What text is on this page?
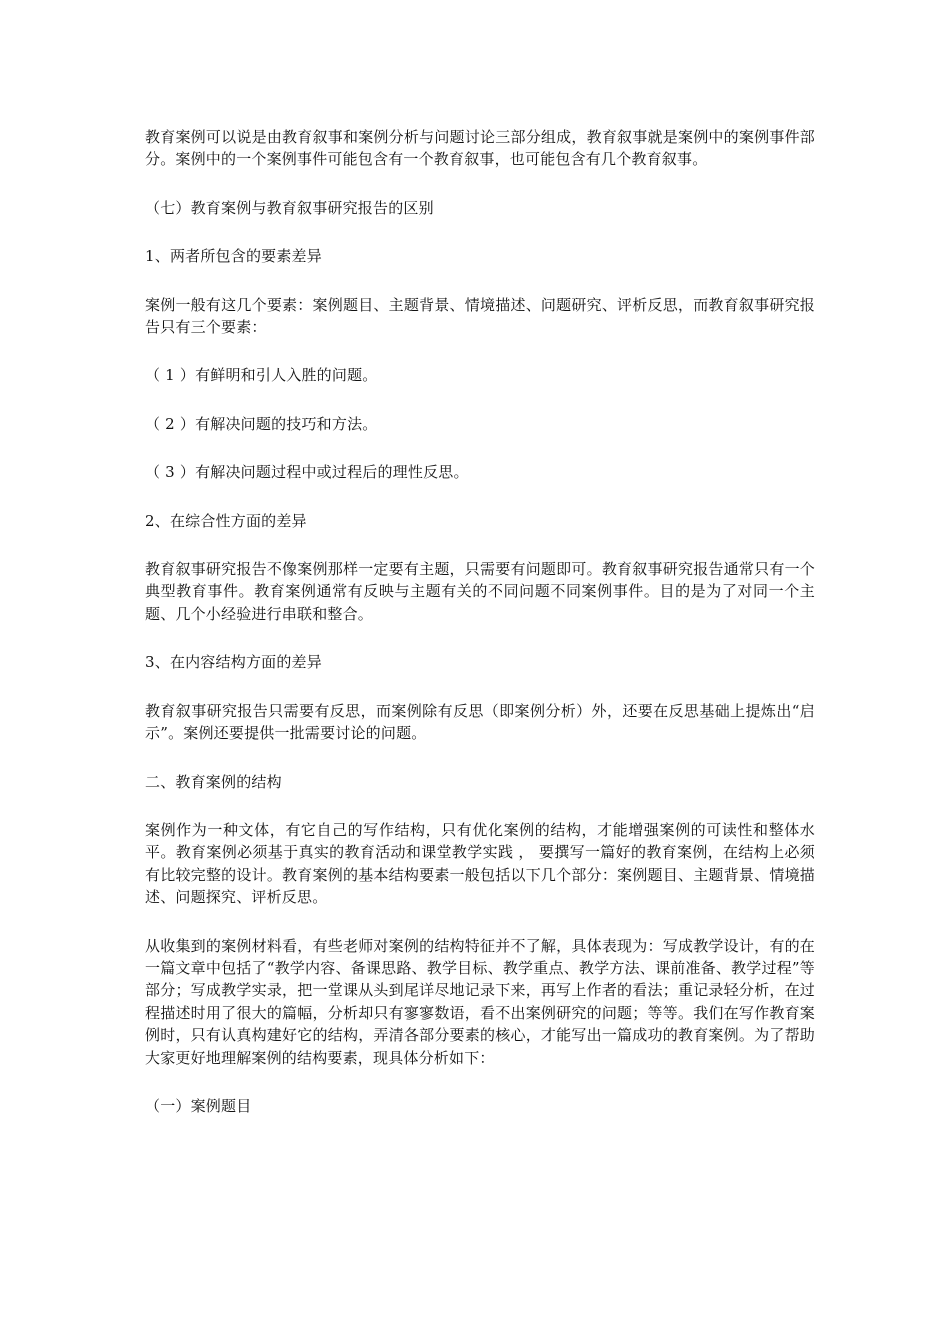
教育案例可以说是由教育叙事和案例分析与问题讨论三部分组成，教育叙事就是案例中的案例事件部分。案例中的一个案例事件可能包含有一个教育叙事，也可能包含有几个教育叙事。

（七）教育案例与教育叙事研究报告的区别

1、两者所包含的要素差异

案例一般有这几个要素：案例题目、主题背景、情境描述、问题研究、评析反思，而教育叙事研究报告只有三个要素：

（ 1 ）有鲜明和引人入胜的问题。

（ 2 ）有解决问题的技巧和方法。

（ 3 ）有解决问题过程中或过程后的理性反思。

2、在综合性方面的差异

教育叙事研究报告不像案例那样一定要有主题，只需要有问题即可。教育叙事研究报告通常只有一个典型教育事件。教育案例通常有反映与主题有关的不同问题不同案例事件。目的是为了对同一个主题、几个小经验进行串联和整合。

3、在内容结构方面的差异

教育叙事研究报告只需要有反思，而案例除有反思（即案例分析）外，还要在反思基础上提炼出“启示”。案例还要提供一批需要讨论的问题。

二、教育案例的结构

案例作为一种文体，有它自己的写作结构，只有优化案例的结构，才能增强案例的可读性和整体水平。教育案例必须基于真实的教育活动和课堂教学实践 ， 要撰写一篇好的教育案例，在结构上必须有比较完整的设计。教育案例的基本结构要素一般包括以下几个部分：案例题目、主题背景、情境描述、问题探究、评析反思。

从收集到的案例材料看，有些老师对案例的结构特征并不了解，具体表现为：写成教学设计，有的在一篇文章中包括了“教学内容、备课思路、教学目标、教学重点、教学方法、课前准备、教学过程”等部分；写成教学实录，把一堂课从头到尾详尽地记录下来，再写上作者的看法；重记录轻分析，在过程描述时用了很大的篇幅，分析却只有寥寥数语，看不出案例研究的问题；等等。我们在写作教育案例时，只有认真构建好它的结构，弄清各部分要素的核心，才能写出一篇成功的教育案例。为了帮助大家更好地理解案例的结构要素，现具体分析如下：

（一）案例题目
